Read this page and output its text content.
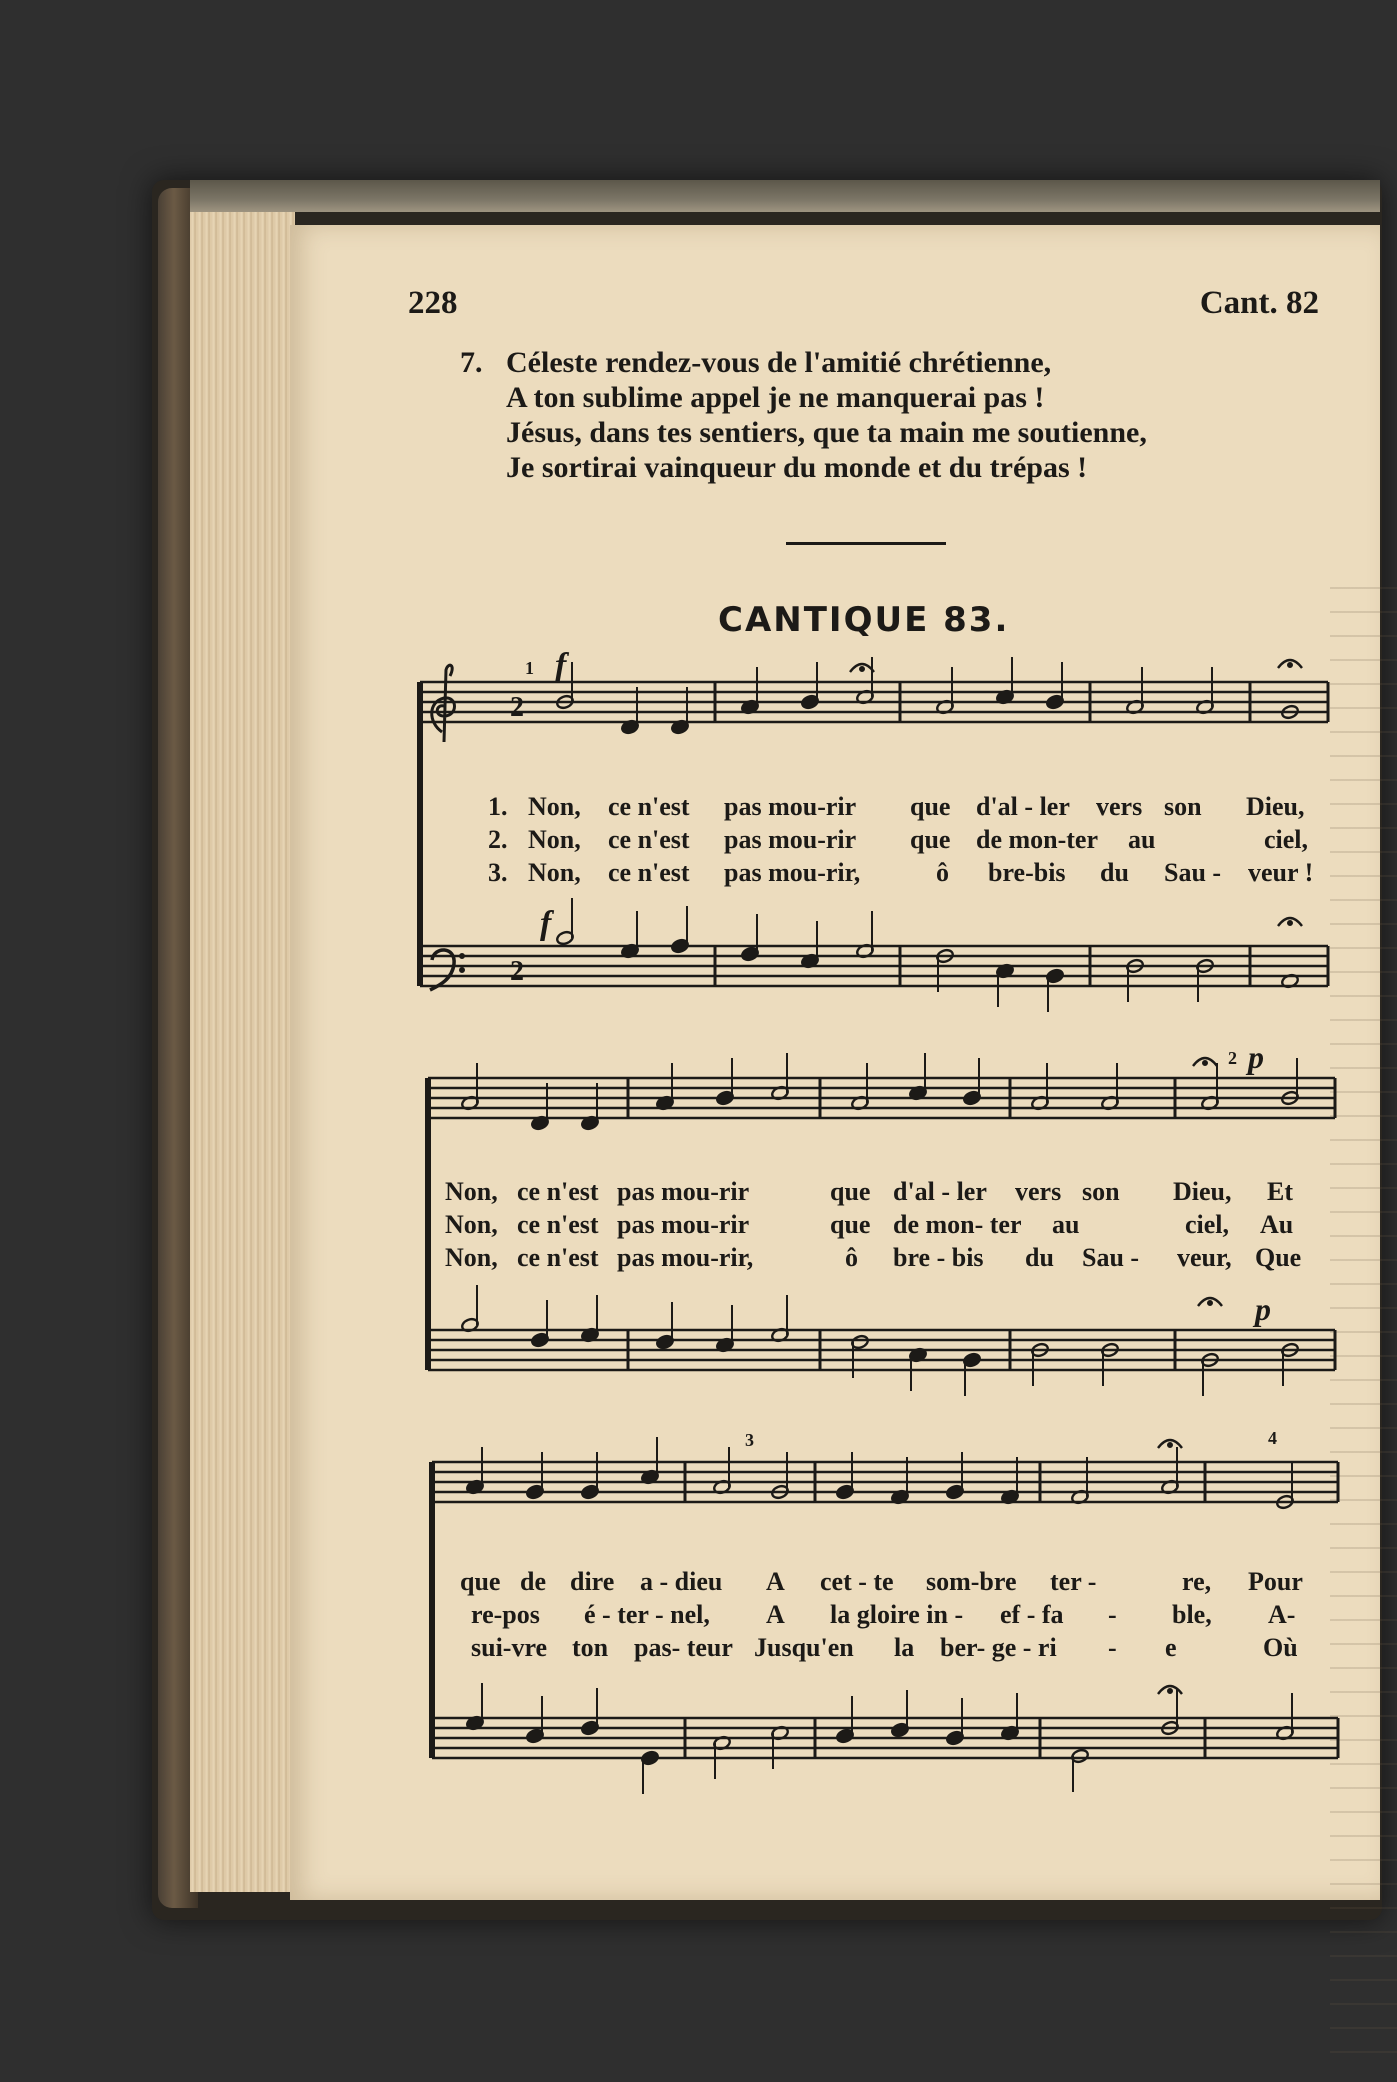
228	Cant. 82
7. Céleste rendez-vous de l'amitié chrétienne,
A ton sublime appel je ne manquerai pas !
Jésus, dans tes sentiers, que ta main me soutienne,
Je sortirai vainqueur du monde et du trépas !
CANTIQUE 83.
2
2
1 f
f
2 p
p
3	4
1. Non, ce n'est pas mou-rir que d'al - ler vers son Dieu,
2. Non, ce n'est pas mou-rir que de mon-ter au	ciel,
3. Non, ce n'est pas mou-rir,	ô bre-bis du Sau - veur !
Non, ce n'est pas mou-rir	que d'al - ler vers son Dieu, Et
Non, ce n'est pas mou-rir	que de mon- ter au	ciel, Au
Non, ce n'est pas mou-rir,	ô bre - bis du Sau - veur, Que
que de dire a - dieu A cet - te som-bre ter -	re, Pour
re-pos é - ter - nel, A la gloire in - ef - fa - ble, A-
sui-vre ton pas- teur Jusqu'en la ber- ge - ri - e	Où
